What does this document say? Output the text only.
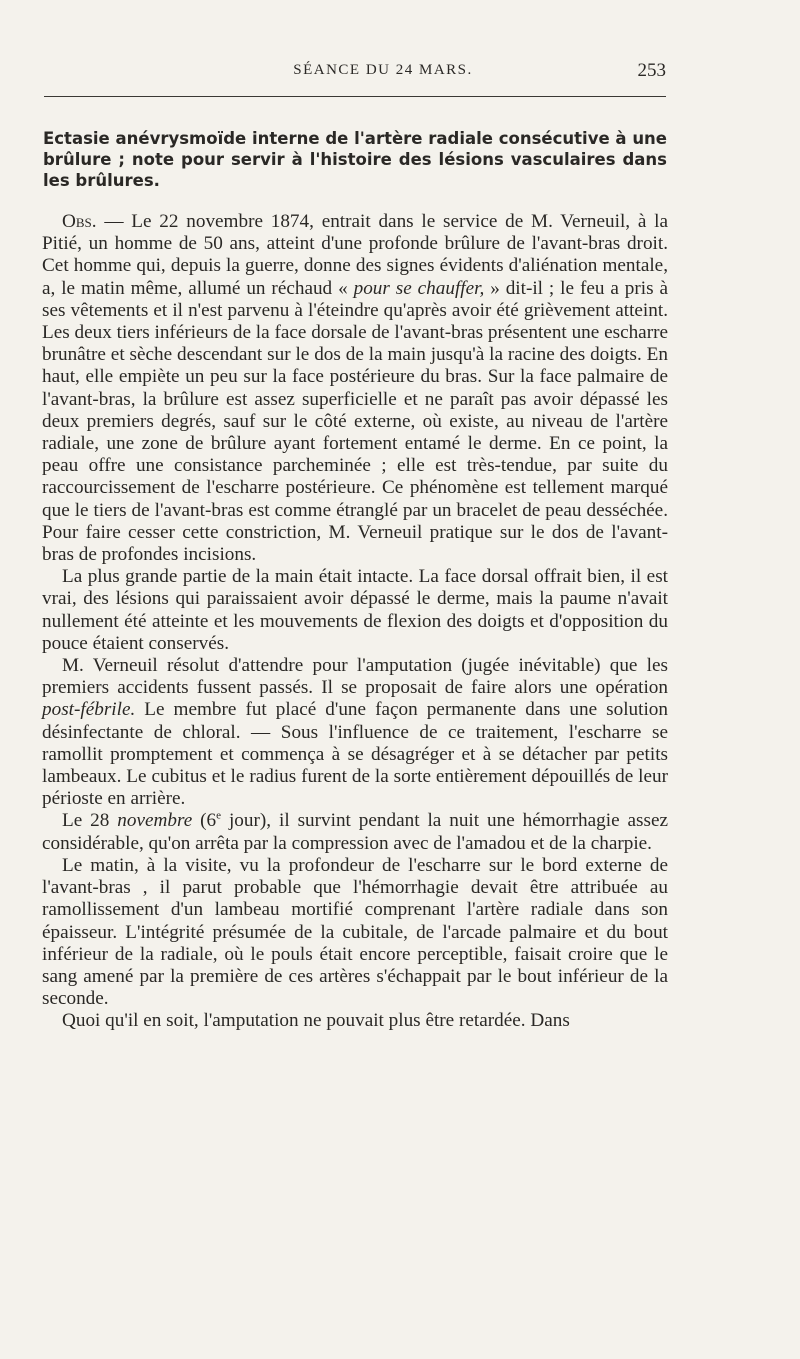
SÉANCE DU 24 MARS.	253
Ectasie anévrysmoïde interne de l'artère radiale consécutive à une brûlure ; note pour servir à l'histoire des lésions vasculaires dans les brûlures.

Obs. — Le 22 novembre 1874, entrait dans le service de M. Verneuil, à la Pitié, un homme de 50 ans, atteint d'une profonde brûlure de l'avant-bras droit. Cet homme qui, depuis la guerre, donne des signes évidents d'aliénation mentale, a, le matin même, allumé un réchaud « pour se chauffer, » dit-il ; le feu a pris à ses vêtements et il n'est parvenu à l'éteindre qu'après avoir été grièvement atteint. Les deux tiers inférieurs de la face dorsale de l'avant-bras présentent une escharre brunâtre et sèche descendant sur le dos de la main jusqu'à la racine des doigts. En haut, elle empiète un peu sur la face postérieure du bras. Sur la face palmaire de l'avant-bras, la brûlure est assez superficielle et ne paraît pas avoir dépassé les deux premiers degrés, sauf sur le côté externe, où existe, au niveau de l'artère radiale, une zone de brûlure ayant fortement entamé le derme. En ce point, la peau offre une consistance parcheminée ; elle est très-tendue, par suite du raccourcissement de l'escharre postérieure. Ce phénomène est tellement marqué que le tiers de l'avant-bras est comme étranglé par un bracelet de peau desséchée. Pour faire cesser cette constriction, M. Verneuil pratique sur le dos de l'avant-bras de profondes incisions.

La plus grande partie de la main était intacte. La face dorsal offrait bien, il est vrai, des lésions qui paraissaient avoir dépassé le derme, mais la paume n'avait nullement été atteinte et les mouvements de flexion des doigts et d'opposition du pouce étaient conservés.

M. Verneuil résolut d'attendre pour l'amputation (jugée inévitable) que les premiers accidents fussent passés. Il se proposait de faire alors une opération post-fébrile. Le membre fut placé d'une façon permanente dans une solution désinfectante de chloral. — Sous l'influence de ce traitement, l'escharre se ramollit promptement et commença à se désagréger et à se détacher par petits lambeaux. Le cubitus et le radius furent de la sorte entièrement dépouillés de leur périoste en arrière.

Le 28 novembre (6e jour), il survint pendant la nuit une hémorrhagie assez considérable, qu'on arrêta par la compression avec de l'amadou et de la charpie.

Le matin, à la visite, vu la profondeur de l'escharre sur le bord externe de l'avant-bras , il parut probable que l'hémorrhagie devait être attribuée au ramollissement d'un lambeau mortifié comprenant l'artère radiale dans son épaisseur. L'intégrité présumée de la cubitale, de l'arcade palmaire et du bout inférieur de la radiale, où le pouls était encore perceptible, faisait croire que le sang amené par la première de ces artères s'échappait par le bout inférieur de la seconde.

Quoi qu'il en soit, l'amputation ne pouvait plus être retardée. Dans
